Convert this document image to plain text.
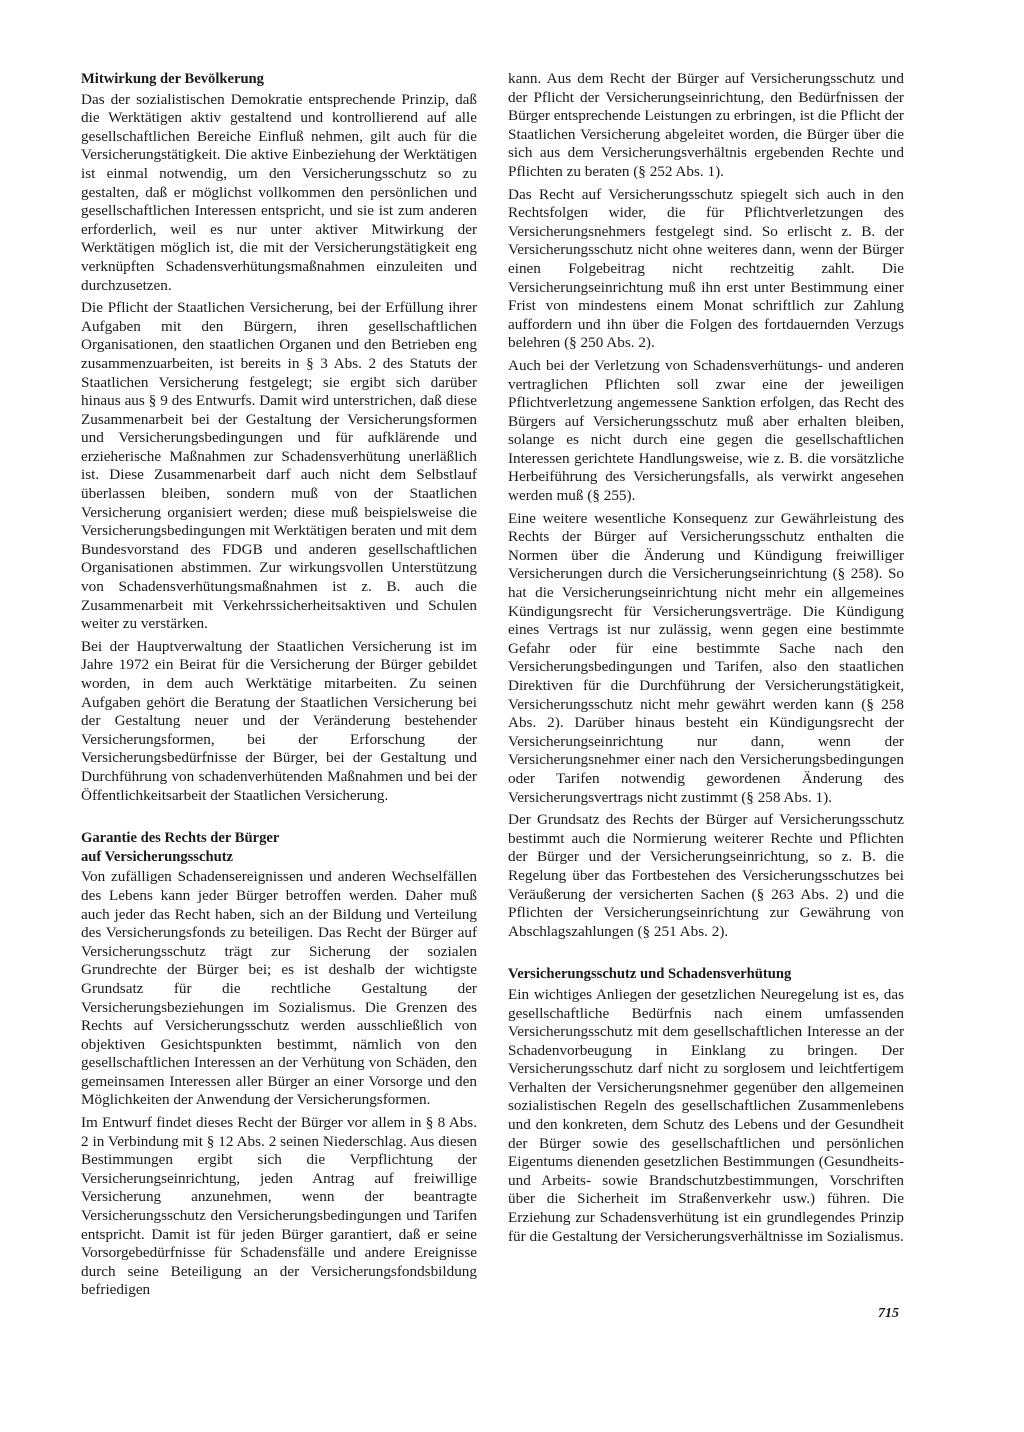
Mitwirkung der Bevölkerung

Das der sozialistischen Demokratie entsprechende Prinzip, daß die Werktätigen aktiv gestaltend und kontrollierend auf alle gesellschaftlichen Bereiche Einfluß nehmen, gilt auch für die Versicherungstätigkeit. Die aktive Einbeziehung der Werktätigen ist einmal notwendig, um den Versicherungsschutz so zu gestalten, daß er möglichst vollkommen den persönlichen und gesellschaftlichen Interessen entspricht, und sie ist zum anderen erforderlich, weil es nur unter aktiver Mitwirkung der Werktätigen möglich ist, die mit der Versicherungstätigkeit eng verknüpften Schadensverhütungsmaßnahmen einzuleiten und durchzusetzen.

Die Pflicht der Staatlichen Versicherung, bei der Erfüllung ihrer Aufgaben mit den Bürgern, ihren gesellschaftlichen Organisationen, den staatlichen Organen und den Betrieben eng zusammenzuarbeiten, ist bereits in § 3 Abs. 2 des Statuts der Staatlichen Versicherung festgelegt; sie ergibt sich darüber hinaus aus § 9 des Entwurfs. Damit wird unterstrichen, daß diese Zusammenarbeit bei der Gestaltung der Versicherungsformen und Versicherungsbedingungen und für aufklärende und erzieherische Maßnahmen zur Schadensverhütung unerläßlich ist. Diese Zusammenarbeit darf auch nicht dem Selbstlauf überlassen bleiben, sondern muß von der Staatlichen Versicherung organisiert werden; diese muß beispielsweise die Versicherungsbedingungen mit Werktätigen beraten und mit dem Bundesvorstand des FDGB und anderen gesellschaftlichen Organisationen abstimmen. Zur wirkungsvollen Unterstützung von Schadensverhütungsmaßnahmen ist z. B. auch die Zusammenarbeit mit Verkehrssicherheitsaktiven und Schulen weiter zu verstärken.

Bei der Hauptverwaltung der Staatlichen Versicherung ist im Jahre 1972 ein Beirat für die Versicherung der Bürger gebildet worden, in dem auch Werktätige mitarbeiten. Zu seinen Aufgaben gehört die Beratung der Staatlichen Versicherung bei der Gestaltung neuer und der Veränderung bestehender Versicherungsformen, bei der Erforschung der Versicherungsbedürfnisse der Bürger, bei der Gestaltung und Durchführung von schadenverhütenden Maßnahmen und bei der Öffentlichkeitsarbeit der Staatlichen Versicherung.

Garantie des Rechts der Bürger
auf Versicherungsschutz

Von zufälligen Schadensereignissen und anderen Wechselfällen des Lebens kann jeder Bürger betroffen werden. Daher muß auch jeder das Recht haben, sich an der Bildung und Verteilung des Versicherungsfonds zu beteiligen. Das Recht der Bürger auf Versicherungsschutz trägt zur Sicherung der sozialen Grundrechte der Bürger bei; es ist deshalb der wichtigste Grundsatz für die rechtliche Gestaltung der Versicherungsbeziehungen im Sozialismus. Die Grenzen des Rechts auf Versicherungsschutz werden ausschließlich von objektiven Gesichtspunkten bestimmt, nämlich von den gesellschaftlichen Interessen an der Verhütung von Schäden, den gemeinsamen Interessen aller Bürger an einer Vorsorge und den Möglichkeiten der Anwendung der Versicherungsformen.

Im Entwurf findet dieses Recht der Bürger vor allem in § 8 Abs. 2 in Verbindung mit § 12 Abs. 2 seinen Niederschlag. Aus diesen Bestimmungen ergibt sich die Verpflichtung der Versicherungseinrichtung, jeden Antrag auf freiwillige Versicherung anzunehmen, wenn der beantragte Versicherungsschutz den Versicherungsbedingungen und Tarifen entspricht. Damit ist für jeden Bürger garantiert, daß er seine Vorsorgebedürfnisse für Schadensfälle und andere Ereignisse durch seine Beteiligung an der Versicherungsfondsbildung befriedigen

kann. Aus dem Recht der Bürger auf Versicherungsschutz und der Pflicht der Versicherungseinrichtung, den Bedürfnissen der Bürger entsprechende Leistungen zu erbringen, ist die Pflicht der Staatlichen Versicherung abgeleitet worden, die Bürger über die sich aus dem Versicherungsverhältnis ergebenden Rechte und Pflichten zu beraten (§ 252 Abs. 1).

Das Recht auf Versicherungsschutz spiegelt sich auch in den Rechtsfolgen wider, die für Pflichtverletzungen des Versicherungsnehmers festgelegt sind. So erlischt z. B. der Versicherungsschutz nicht ohne weiteres dann, wenn der Bürger einen Folgebeitrag nicht rechtzeitig zahlt. Die Versicherungseinrichtung muß ihn erst unter Bestimmung einer Frist von mindestens einem Monat schriftlich zur Zahlung auffordern und ihn über die Folgen des fortdauernden Verzugs belehren (§ 250 Abs. 2).

Auch bei der Verletzung von Schadensverhütungs- und anderen vertraglichen Pflichten soll zwar eine der jeweiligen Pflichtverletzung angemessene Sanktion erfolgen, das Recht des Bürgers auf Versicherungsschutz muß aber erhalten bleiben, solange es nicht durch eine gegen die gesellschaftlichen Interessen gerichtete Handlungsweise, wie z. B. die vorsätzliche Herbeiführung des Versicherungsfalls, als verwirkt angesehen werden muß (§ 255).

Eine weitere wesentliche Konsequenz zur Gewährleistung des Rechts der Bürger auf Versicherungsschutz enthalten die Normen über die Änderung und Kündigung freiwilliger Versicherungen durch die Versicherungseinrichtung (§ 258). So hat die Versicherungseinrichtung nicht mehr ein allgemeines Kündigungsrecht für Versicherungsverträge. Die Kündigung eines Vertrags ist nur zulässig, wenn gegen eine bestimmte Gefahr oder für eine bestimmte Sache nach den Versicherungsbedingungen und Tarifen, also den staatlichen Direktiven für die Durchführung der Versicherungstätigkeit, Versicherungsschutz nicht mehr gewährt werden kann (§ 258 Abs. 2). Darüber hinaus besteht ein Kündigungsrecht der Versicherungseinrichtung nur dann, wenn der Versicherungsnehmer einer nach den Versicherungsbedingungen oder Tarifen notwendig gewordenen Änderung des Versicherungsvertrags nicht zustimmt (§ 258 Abs. 1).

Der Grundsatz des Rechts der Bürger auf Versicherungsschutz bestimmt auch die Normierung weiterer Rechte und Pflichten der Bürger und der Versicherungseinrichtung, so z. B. die Regelung über das Fortbestehen des Versicherungsschutzes bei Veräußerung der versicherten Sachen (§ 263 Abs. 2) und die Pflichten der Versicherungseinrichtung zur Gewährung von Abschlagszahlungen (§ 251 Abs. 2).

Versicherungsschutz und Schadensverhütung

Ein wichtiges Anliegen der gesetzlichen Neuregelung ist es, das gesellschaftliche Bedürfnis nach einem umfassenden Versicherungsschutz mit dem gesellschaftlichen Interesse an der Schadenvorbeugung in Einklang zu bringen. Der Versicherungsschutz darf nicht zu sorglosem und leichtfertigem Verhalten der Versicherungsnehmer gegenüber den allgemeinen sozialistischen Regeln des gesellschaftlichen Zusammenlebens und den konkreten, dem Schutz des Lebens und der Gesundheit der Bürger sowie des gesellschaftlichen und persönlichen Eigentums dienenden gesetzlichen Bestimmungen (Gesundheits- und Arbeits- sowie Brandschutzbestimmungen, Vorschriften über die Sicherheit im Straßenverkehr usw.) führen. Die Erziehung zur Schadensverhütung ist ein grundlegendes Prinzip für die Gestaltung der Versicherungsverhältnisse im Sozialismus.

715
